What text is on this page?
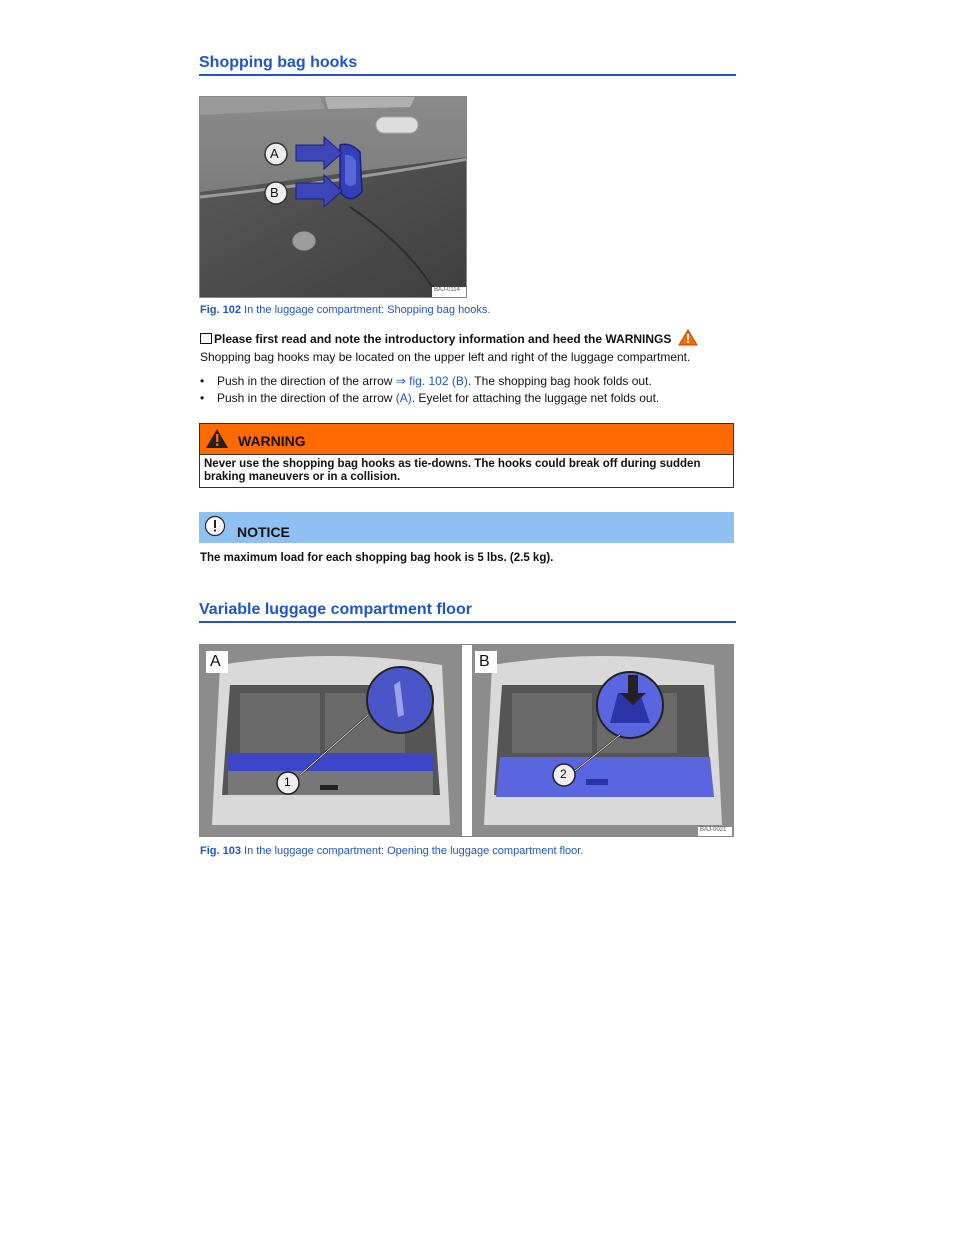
Shopping bag hooks
A
B
BAJ-0114
Fig. 102 In the luggage compartment: Shopping bag hooks.
Please first read and note the introductory information and heed the WARNINGS
Shopping bag hooks may be located on the upper left and right of the luggage compartment.
• Push in the direction of the arrow ⇒ fig. 102 (B). The shopping bag hook folds out.
• Push in the direction of the arrow (A). Eyelet for attaching the luggage net folds out.
WARNING
Never use the shopping bag hooks as tie-downs. The hooks could break off during sudden braking maneuvers or in a collision.
NOTICE
The maximum load for each shopping bag hook is 5 lbs. (2.5 kg).
Variable luggage compartment floor
A	B
1
2
BAJ-0021
Fig. 103 In the luggage compartment: Opening the luggage compartment floor.
